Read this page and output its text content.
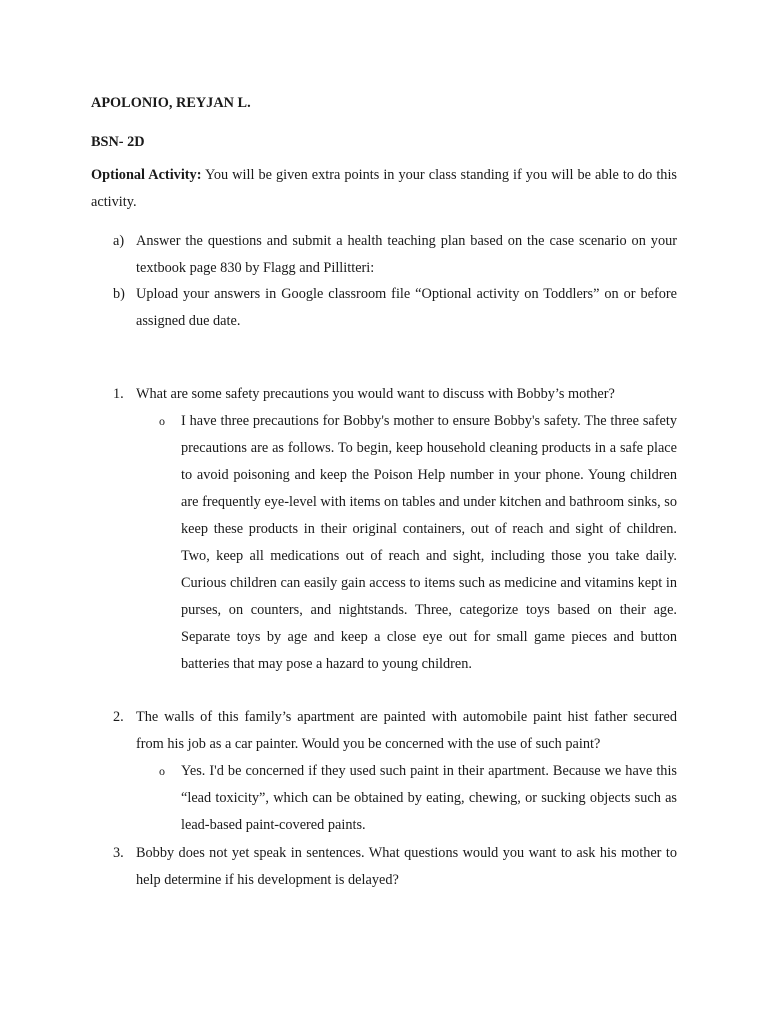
APOLONIO, REYJAN L.

BSN- 2D

Optional Activity: You will be given extra points in your class standing if you will be able to do this activity.

a) Answer the questions and submit a health teaching plan based on the case scenario on your textbook page 830 by Flagg and Pillitteri:

b) Upload your answers in Google classroom file “Optional activity on Toddlers” on or before assigned due date.

1. What are some safety precautions you would want to discuss with Bobby’s mother?

o I have three precautions for Bobby's mother to ensure Bobby's safety. The three safety precautions are as follows. To begin, keep household cleaning products in a safe place to avoid poisoning and keep the Poison Help number in your phone. Young children are frequently eye-level with items on tables and under kitchen and bathroom sinks, so keep these products in their original containers, out of reach and sight of children. Two, keep all medications out of reach and sight, including those you take daily. Curious children can easily gain access to items such as medicine and vitamins kept in purses, on counters, and nightstands. Three, categorize toys based on their age. Separate toys by age and keep a close eye out for small game pieces and button batteries that may pose a hazard to young children.

2. The walls of this family’s apartment are painted with automobile paint hist father secured from his job as a car painter. Would you be concerned with the use of such paint?

o Yes. I'd be concerned if they used such paint in their apartment. Because we have this “lead toxicity”, which can be obtained by eating, chewing, or sucking objects such as lead-based paint-covered paints.

3. Bobby does not yet speak in sentences. What questions would you want to ask his mother to help determine if his development is delayed?
